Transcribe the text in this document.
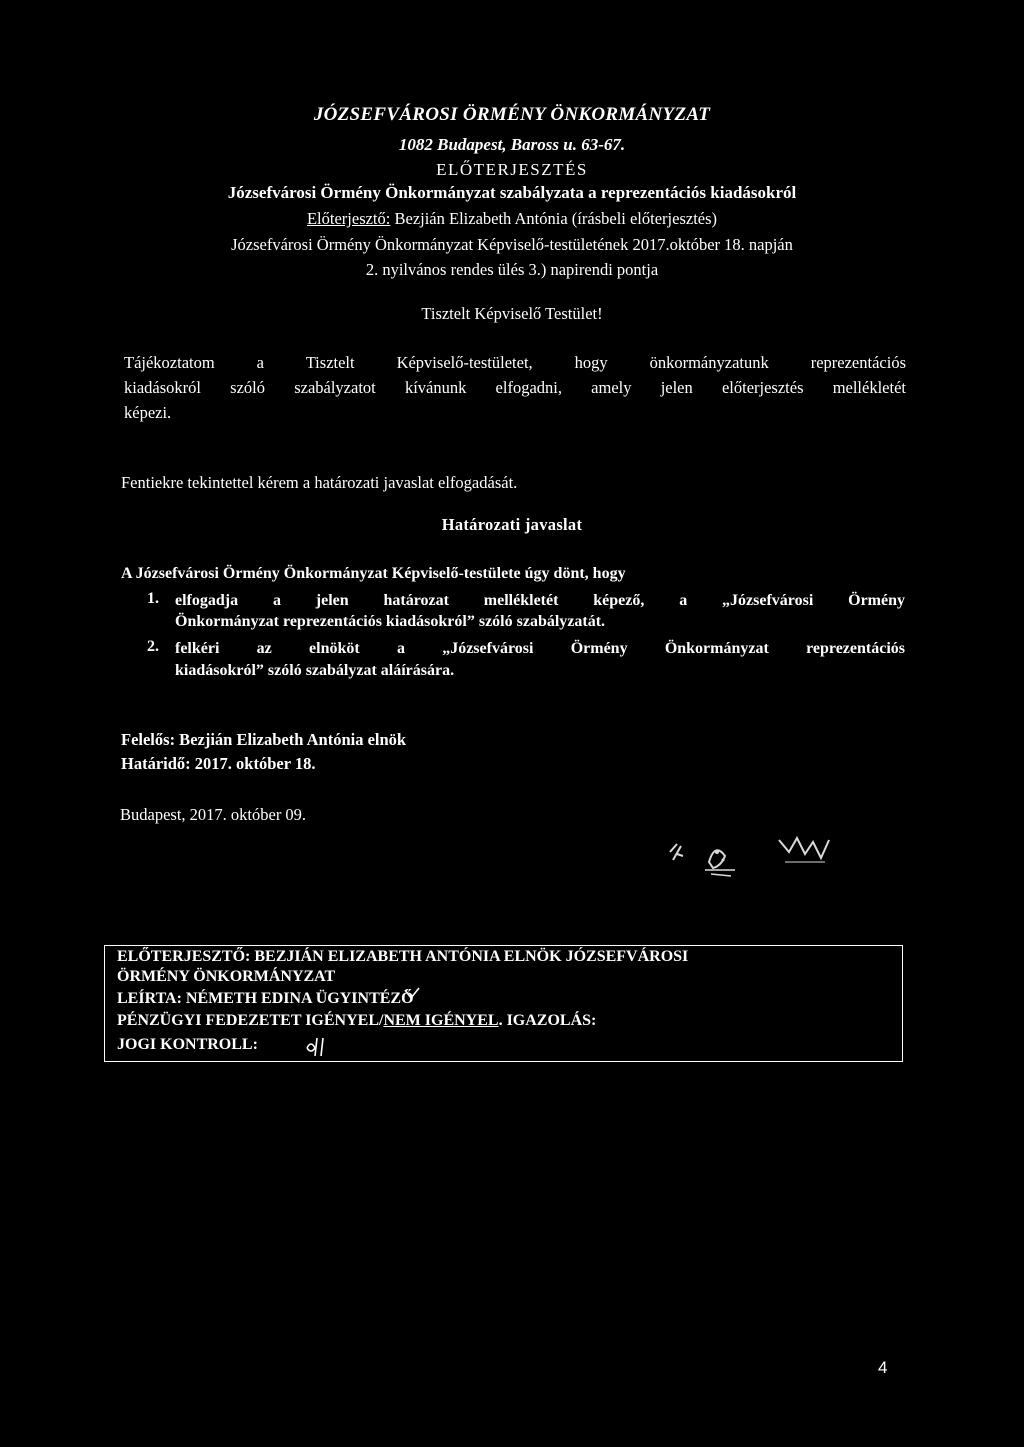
JÓZSEFVÁROSI ÖRMÉNY ÖNKORMÁNYZAT
1082 Budapest, Baross u. 63-67.
ELŐTERJESZTÉS
Józsefvárosi Örmény Önkormányzat szabályzata a reprezentációs kiadásokról
Előterjesztő: Bezjián Elizabeth Antónia (írásbeli előterjesztés)
Józsefvárosi Örmény Önkormányzat Képviselő-testületének 2017.október 18. napján
2. nyilvános rendes ülés 3.) napirendi pontja
Tisztelt Képviselő Testület!
Tájékoztatom a Tisztelt Képviselő-testületet, hogy önkormányzatunk reprezentációs
kiadásokról szóló szabályzatot kívánunk elfogadni, amely jelen előterjesztés mellékletét
képezi.
Fentiekre tekintettel kérem a határozati javaslat elfogadását.
Határozati javaslat
A Józsefvárosi Örmény Önkormányzat Képviselő-testülete úgy dönt, hogy
1. elfogadja a jelen határozat mellékletét képező, a „Józsefvárosi Örmény
Önkormányzat reprezentációs kiadásokról” szóló szabályzatát.
2. felkéri az elnököt a „Józsefvárosi Örmény Önkormányzat reprezentációs
kiadásokról” szóló szabályzat aláírására.
Felelős: Bezjián Elizabeth Antónia elnök
Határidő: 2017. október 18.
Budapest, 2017. október 09.
ELŐTERJESZTŐ: BEZJIÁN ELIZABETH ANTÓNIA ELNÖK JÓZSEFVÁROSI
ÖRMÉNY ÖNKORMÁNYZAT
LEÍRTA: NÉMETH EDINA ÜGYINTÉZŐ
PÉNZÜGYI FEDEZETET IGÉNYEL/NEM IGÉNYEL. IGAZOLÁS:
JOGI KONTROLL:
4
